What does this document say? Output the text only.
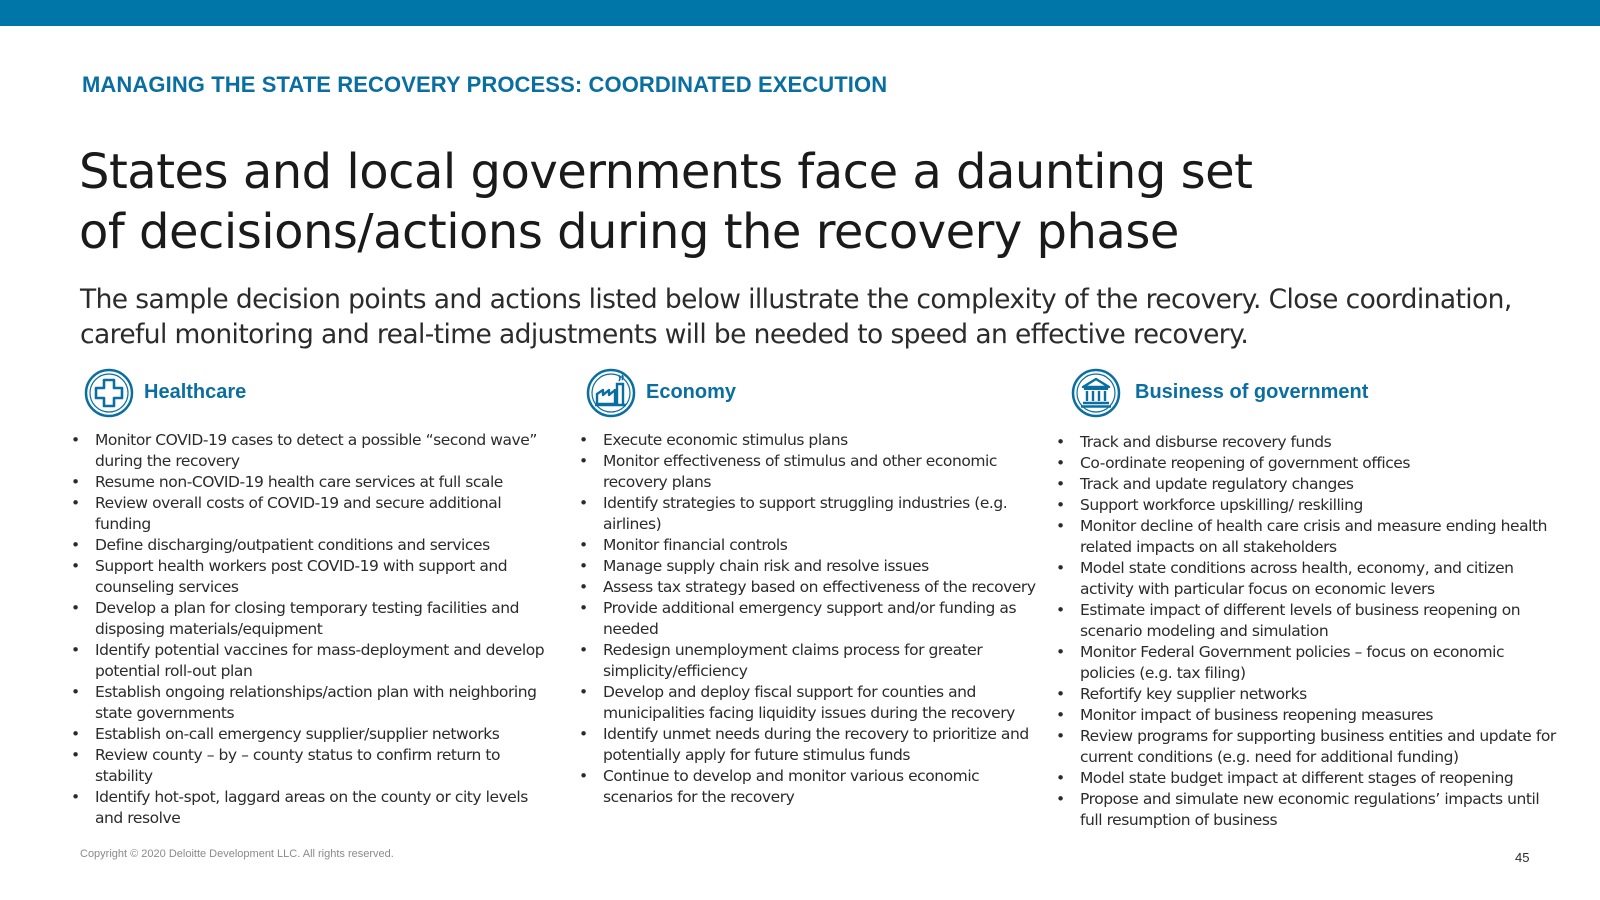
MANAGING THE STATE RECOVERY PROCESS: COORDINATED EXECUTION
States and local governments face a daunting set
of decisions/actions during the recovery phase

The sample decision points and actions listed below illustrate the complexity of the recovery. Close coordination, careful monitoring and real-time adjustments will be needed to speed an effective recovery.

Healthcare
• Monitor COVID-19 cases to detect a possible “second wave” during the recovery
• Resume non-COVID-19 health care services at full scale
• Review overall costs of COVID-19 and secure additional funding
• Define discharging/outpatient conditions and services
• Support health workers post COVID-19 with support and counseling services
• Develop a plan for closing temporary testing facilities and disposing materials/equipment
• Identify potential vaccines for mass-deployment and develop potential roll-out plan
• Establish ongoing relationships/action plan with neighboring state governments
• Establish on-call emergency supplier/supplier networks
• Review county – by – county status to confirm return to stability
• Identify hot-spot, laggard areas on the county or city levels and resolve
Economy
• Execute economic stimulus plans
• Monitor effectiveness of stimulus and other economic recovery plans
• Identify strategies to support struggling industries (e.g. airlines)
• Monitor financial controls
• Manage supply chain risk and resolve issues
• Assess tax strategy based on effectiveness of the recovery
• Provide additional emergency support and/or funding as needed
• Redesign unemployment claims process for greater simplicity/efficiency
• Develop and deploy fiscal support for counties and municipalities facing liquidity issues during the recovery
• Identify unmet needs during the recovery to prioritize and potentially apply for future stimulus funds
• Continue to develop and monitor various economic scenarios for the recovery
Business of government
• Track and disburse recovery funds
• Co-ordinate reopening of government offices
• Track and update regulatory changes
• Support workforce upskilling/ reskilling
• Monitor decline of health care crisis and measure ending health related impacts on all stakeholders
• Model state conditions across health, economy, and citizen activity with particular focus on economic levers
• Estimate impact of different levels of business reopening on scenario modeling and simulation
• Monitor Federal Government policies – focus on economic policies (e.g. tax filing)
• Refortify key supplier networks
• Monitor impact of business reopening measures
• Review programs for supporting business entities and update for current conditions (e.g. need for additional funding)
• Model state budget impact at different stages of reopening
• Propose and simulate new economic regulations’ impacts until full resumption of business
Copyright © 2020 Deloitte Development LLC. All rights reserved.	45
